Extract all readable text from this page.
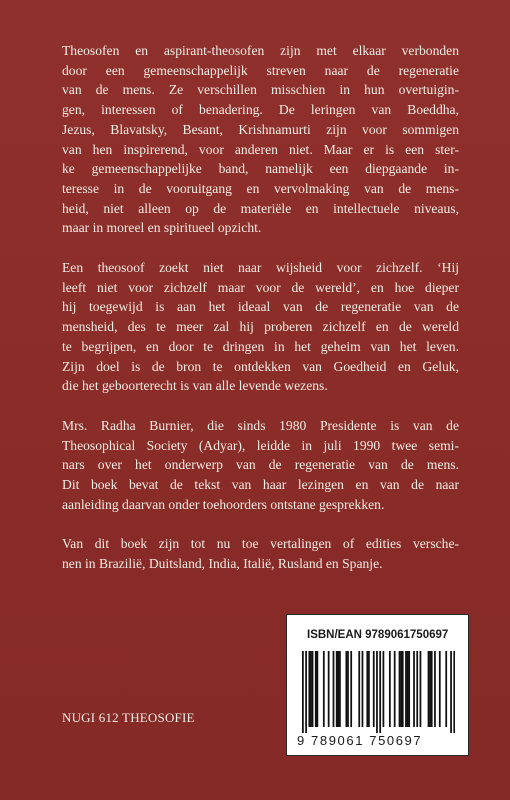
Theosofen en aspirant-theosofen zijn met elkaar verbonden
door een gemeenschappelijk streven naar de regeneratie
van de mens. Ze verschillen misschien in hun overtuigin-
gen, interessen of benadering. De leringen van Boeddha,
Jezus, Blavatsky, Besant, Krishnamurti zijn voor sommigen
van hen inspirerend, voor anderen niet. Maar er is een ster-
ke gemeenschappelijke band, namelijk een diepgaande in-
teresse in de vooruitgang en vervolmaking van de mens-
heid, niet alleen op de materiële en intellectuele niveaus,
maar in moreel en spiritueel opzicht.

Een theosoof zoekt niet naar wijsheid voor zichzelf. ‘Hij
leeft niet voor zichzelf maar voor de wereld’, en hoe dieper
hij toegewijd is aan het ideaal van de regeneratie van de
mensheid, des te meer zal hij proberen zichzelf en de wereld
te begrijpen, en door te dringen in het geheim van het leven.
Zijn doel is de bron te ontdekken van Goedheid en Geluk,
die het geboorterecht is van alle levende wezens.

Mrs. Radha Burnier, die sinds 1980 Presidente is van de
Theosophical Society (Adyar), leidde in juli 1990 twee semi-
nars over het onderwerp van de regeneratie van de mens.
Dit boek bevat de tekst van haar lezingen en van de naar
aanleiding daarvan onder toehoorders ontstane gesprekken.

Van dit boek zijn tot nu toe vertalingen of edities versche-
nen in Brazilië, Duitsland, India, Italië, Rusland en Spanje.

NUGI 612 THEOSOFIE
ISBN/EAN 9789061750697
9 789061 750697
